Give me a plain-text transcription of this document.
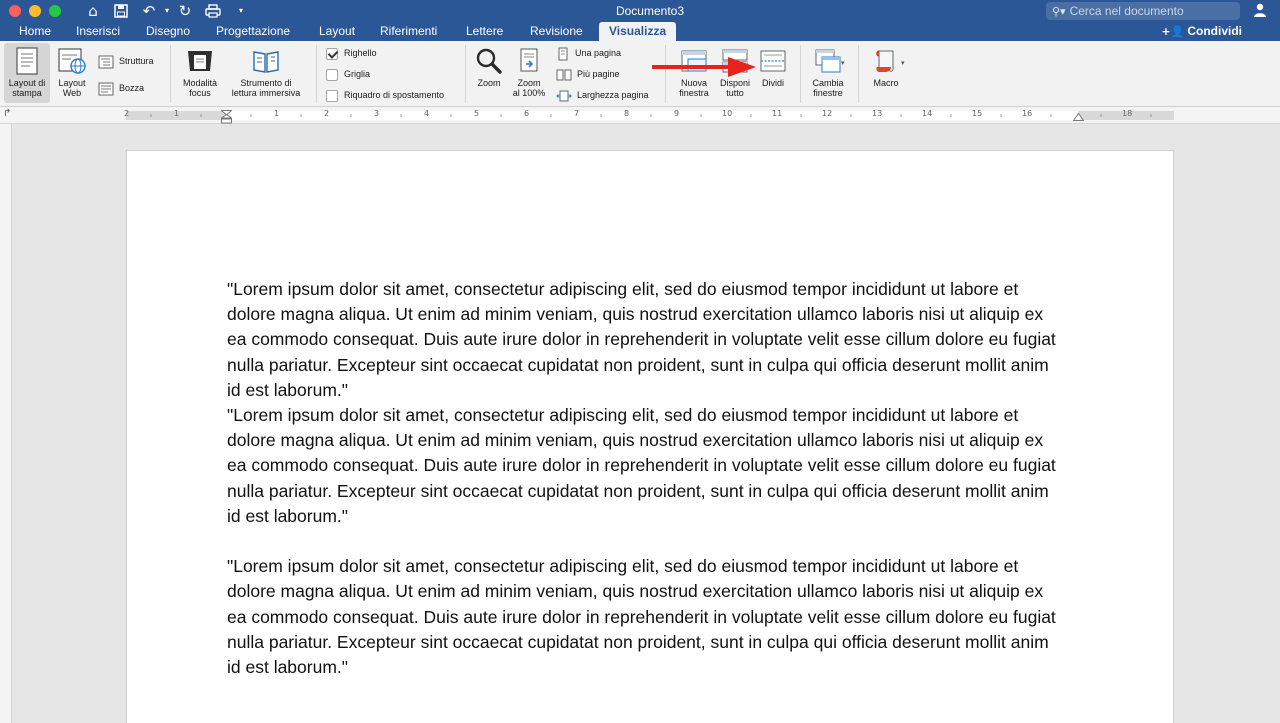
⌂	↶	▾ ↻	▾	Documento3	⚲▾ Cerca nel documento
Home Inserisci Disegno Progettazione Layout Riferimenti Lettere Revisione	Visualizza	+👤 Condividi
Layout di
stampa
Layout
Web
Struttura
Bozza	Modalità
focus
Strumento di
lettura immersiva
Righello
Griglia
Riquadro di spostamento
Zoom	Zoom
al 100%
Una pagina
Più pagine
Larghezza pagina
Nuova
finestra
Disponi
tutto
Dividi	Cambia
finestre
▾
Macro
▾
↱	2	1	1	2	3	4	5	6	7	8	9	10	11	12	13	14	15	16	18
"Lorem ipsum dolor sit amet, consectetur adipiscing elit, sed do eiusmod tempor incididunt ut labore et dolore magna aliqua. Ut enim ad minim veniam, quis nostrud exercitation ullamco laboris nisi ut aliquip ex ea commodo consequat. Duis aute irure dolor in reprehenderit in voluptate velit esse cillum dolore eu fugiat nulla pariatur. Excepteur sint occaecat cupidatat non proident, sunt in culpa qui officia deserunt mollit anim id est laborum."
"Lorem ipsum dolor sit amet, consectetur adipiscing elit, sed do eiusmod tempor incididunt ut labore et dolore magna aliqua. Ut enim ad minim veniam, quis nostrud exercitation ullamco laboris nisi ut aliquip ex ea commodo consequat. Duis aute irure dolor in reprehenderit in voluptate velit esse cillum dolore eu fugiat nulla pariatur. Excepteur sint occaecat cupidatat non proident, sunt in culpa qui officia deserunt mollit anim id est laborum."
"Lorem ipsum dolor sit amet, consectetur adipiscing elit, sed do eiusmod tempor incididunt ut labore et dolore magna aliqua. Ut enim ad minim veniam, quis nostrud exercitation ullamco laboris nisi ut aliquip ex ea commodo consequat. Duis aute irure dolor in reprehenderit in voluptate velit esse cillum dolore eu fugiat nulla pariatur. Excepteur sint occaecat cupidatat non proident, sunt in culpa qui officia deserunt mollit anim id est laborum."
